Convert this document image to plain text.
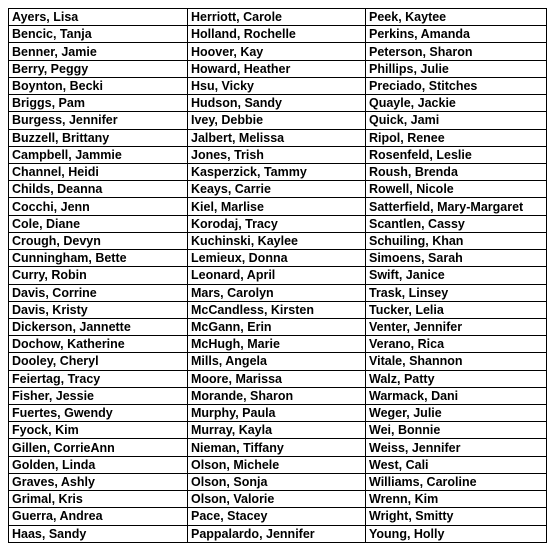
Ayers, Lisa	Herriott, Carole	Peek, Kaytee
Bencic, Tanja	Holland, Rochelle	Perkins, Amanda
Benner, Jamie	Hoover, Kay	Peterson, Sharon
Berry, Peggy	Howard, Heather	Phillips, Julie
Boynton, Becki	Hsu, Vicky	Preciado, Stitches
Briggs, Pam	Hudson, Sandy	Quayle, Jackie
Burgess, Jennifer	Ivey, Debbie	Quick, Jami
Buzzell, Brittany	Jalbert, Melissa	Ripol, Renee
Campbell, Jammie	Jones, Trish	Rosenfeld, Leslie
Channel, Heidi	Kasperzick, Tammy	Roush, Brenda
Childs, Deanna	Keays, Carrie	Rowell, Nicole
Cocchi, Jenn	Kiel, Marlise	Satterfield, Mary-Margaret
Cole, Diane	Korodaj, Tracy	Scantlen, Cassy
Crough, Devyn	Kuchinski, Kaylee	Schuiling, Khan
Cunningham, Bette	Lemieux, Donna	Simoens, Sarah
Curry, Robin	Leonard, April	Swift, Janice
Davis, Corrine	Mars, Carolyn	Trask, Linsey
Davis, Kristy	McCandless, Kirsten	Tucker, Lelia
Dickerson, Jannette	McGann, Erin	Venter, Jennifer
Dochow, Katherine	McHugh, Marie	Verano, Rica
Dooley, Cheryl	Mills, Angela	Vitale, Shannon
Feiertag, Tracy	Moore, Marissa	Walz, Patty
Fisher, Jessie	Morande, Sharon	Warmack, Dani
Fuertes, Gwendy	Murphy, Paula	Weger, Julie
Fyock, Kim	Murray, Kayla	Wei, Bonnie
Gillen, CorrieAnn	Nieman, Tiffany	Weiss, Jennifer
Golden, Linda	Olson, Michele	West, Cali
Graves, Ashly	Olson, Sonja	Williams, Caroline
Grimal, Kris	Olson, Valorie	Wrenn, Kim
Guerra, Andrea	Pace, Stacey	Wright, Smitty
Haas, Sandy	Pappalardo, Jennifer	Young, Holly
